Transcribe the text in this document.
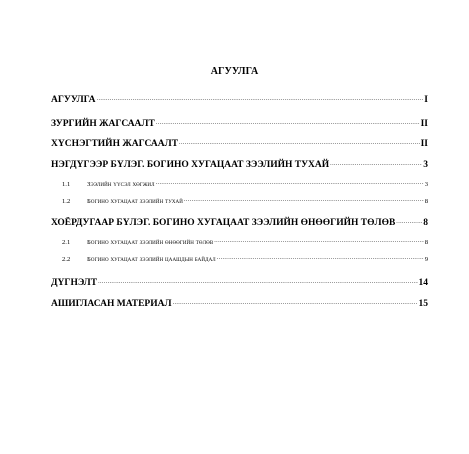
АГУУЛГА
АГУУЛГА .....	I
ЗУРГИЙН ЖАГСААЛТ .....	II
ХҮСНЭГТИЙН ЖАГСААЛТ .....	II
НЭГДҮГЭЭР БҮЛЭГ. БОГИНО ХУГАЦААТ ЗЭЭЛИЙН ТУХАЙ .....	3
1.1	Зээлийн үүсэл хөгжил .....	3
1.2	Богино хугацаат зээлийн тухай .....	8
ХОЁРДУГААР БҮЛЭГ. БОГИНО ХУГАЦААТ ЗЭЭЛИЙН ӨНӨӨГИЙН ТӨЛӨВ .....	8
2.1	Богино хугацаат зээлийн өнөөгийн төлөв .....	8
2.2	Богино хугацаат зээлийн цаашдын байдал .....	9
ДҮГНЭЛТ .....	14
АШИГЛАСАН МАТЕРИАЛ .....	15
